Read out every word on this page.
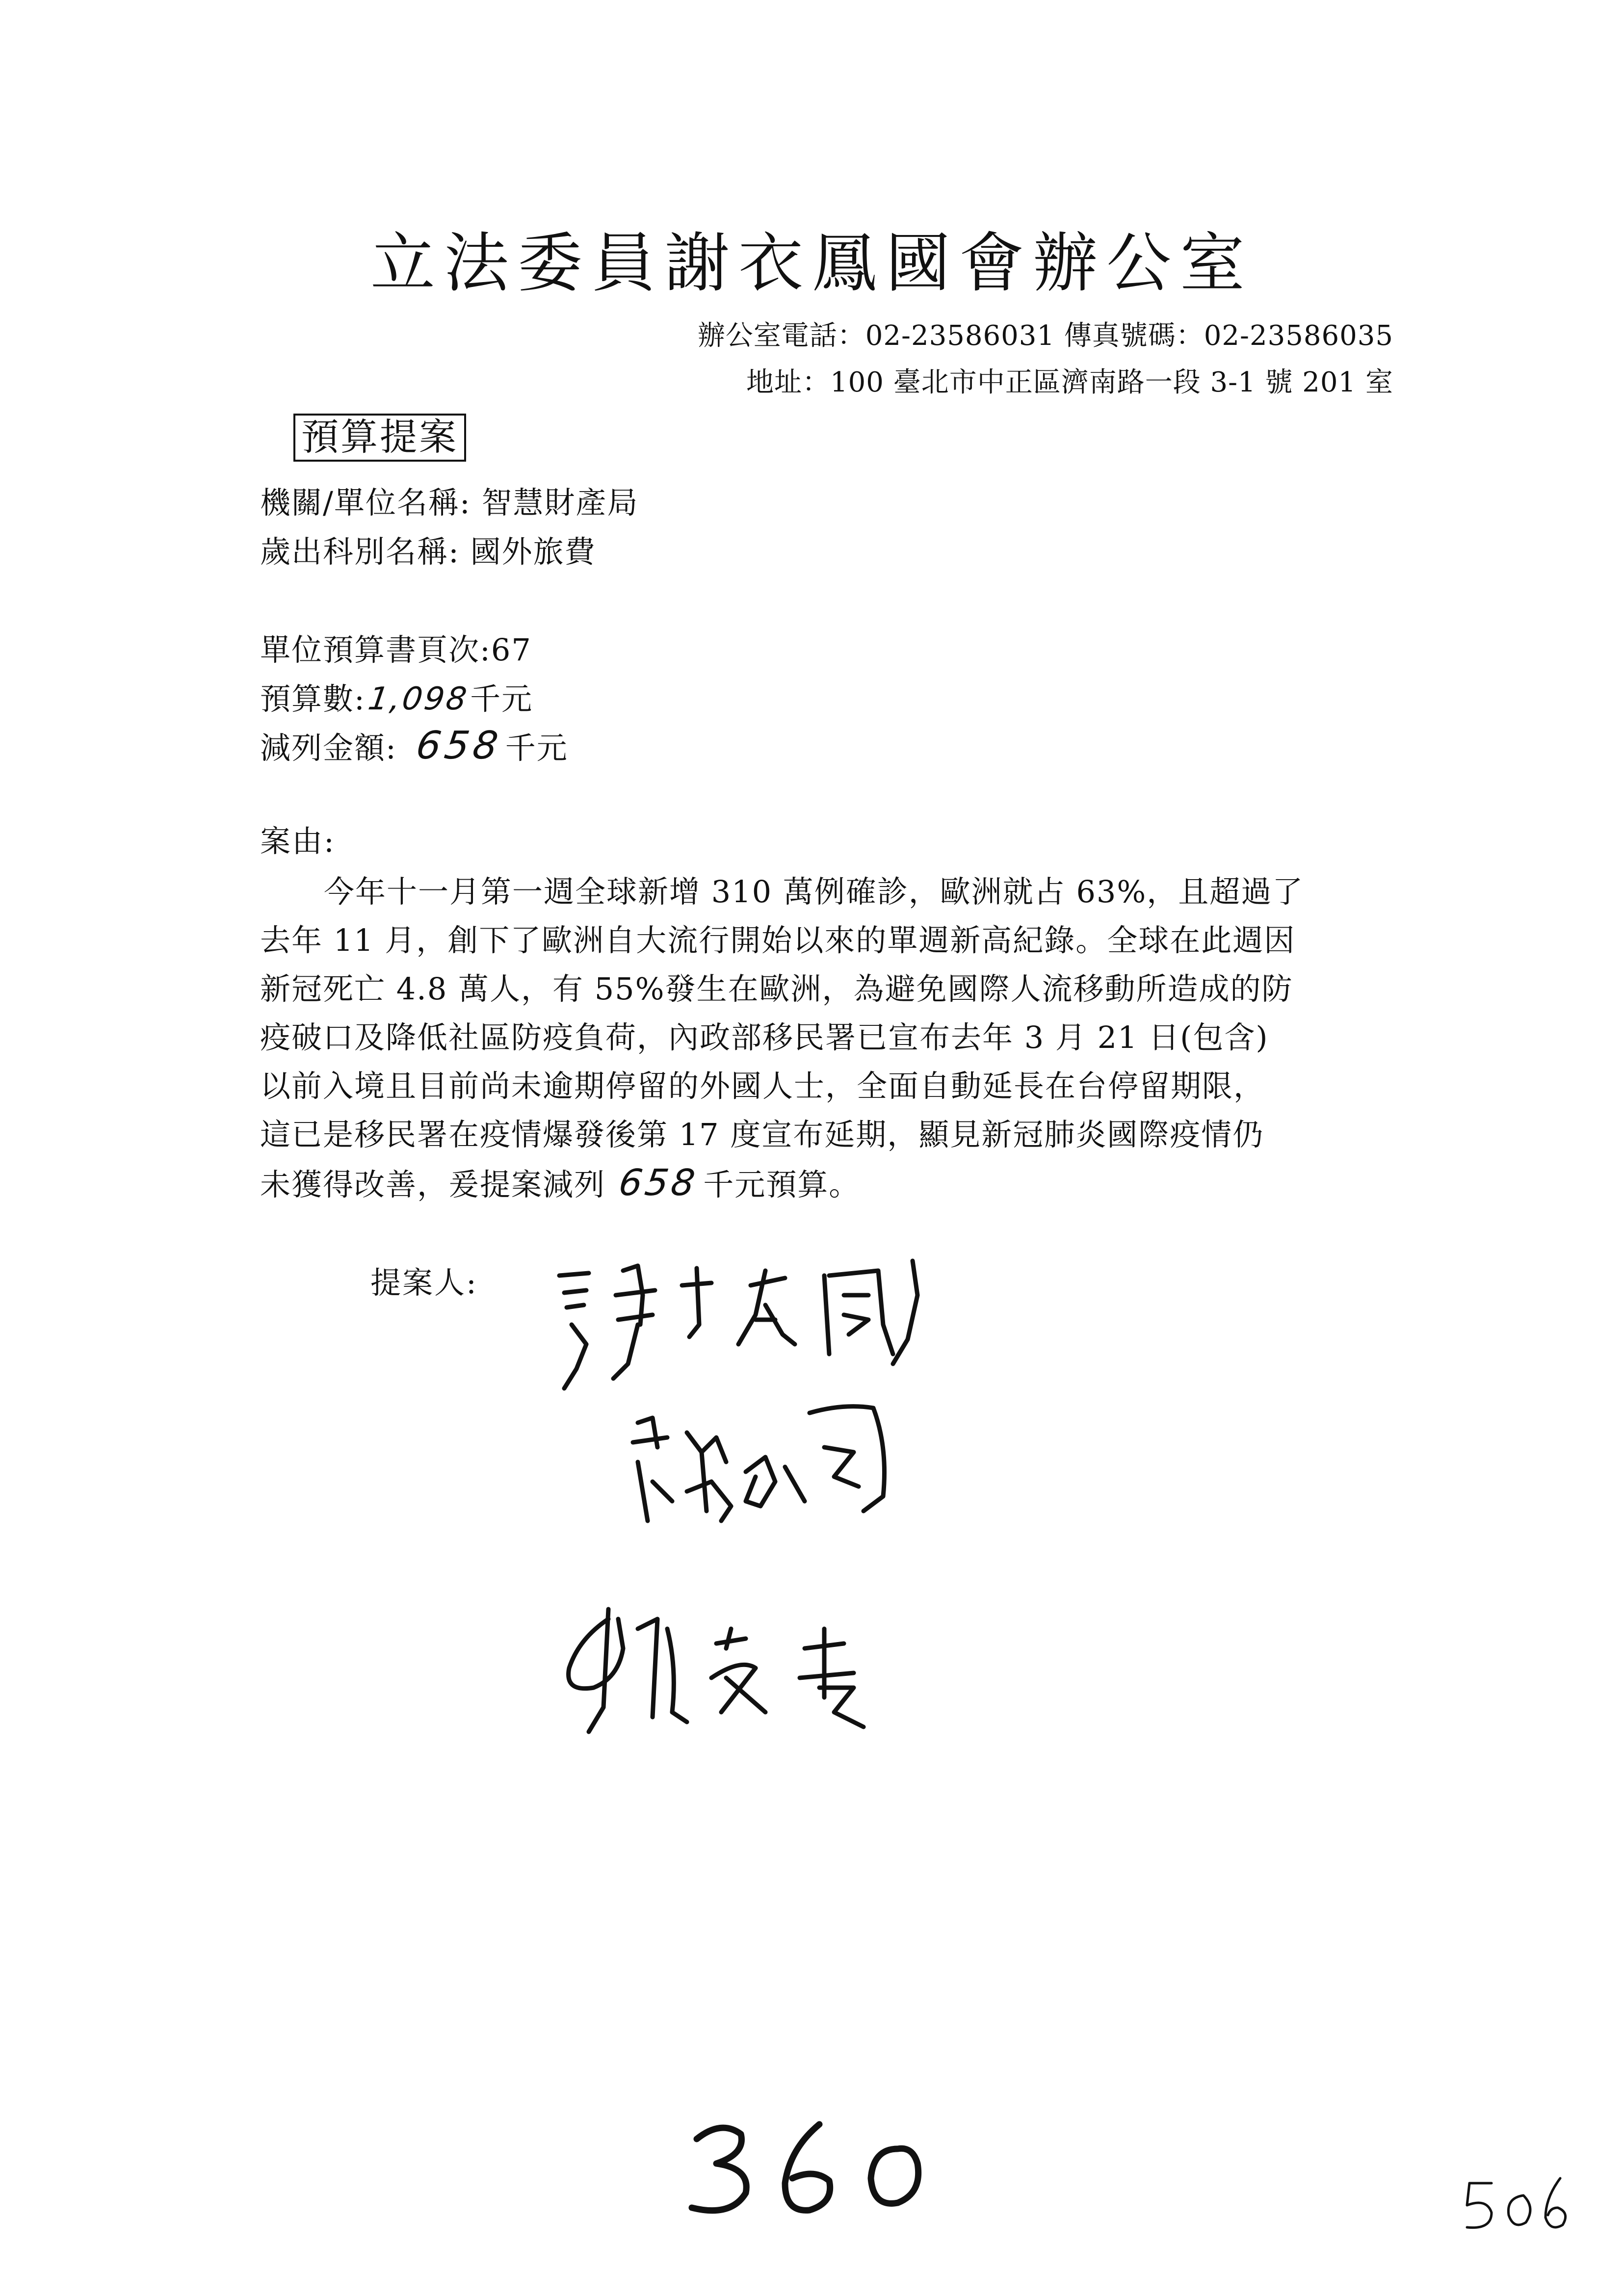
立法委員謝衣鳳國會辦公室
辦公室電話：02-23586031 傳真號碼：02-23586035
地址：100 臺北市中正區濟南路一段 3-1 號 201 室
預算提案
機關/單位名稱: 智慧財產局
歲出科別名稱: 國外旅費
單位預算書頁次:67
預算數:1,098千元
減列金額: 658千元
案由:
今年十一月第一週全球新增 310 萬例確診，歐洲就占 63%，且超過了
去年 11 月，創下了歐洲自大流行開始以來的單週新高紀錄。全球在此週因
新冠死亡 4.8 萬人，有 55%發生在歐洲，為避免國際人流移動所造成的防
疫破口及降低社區防疫負荷，內政部移民署已宣布去年 3 月 21 日(包含)
以前入境且目前尚未逾期停留的外國人士，全面自動延長在台停留期限，
這已是移民署在疫情爆發後第 17 度宣布延期，顯見新冠肺炎國際疫情仍
未獲得改善，爰提案減列 658千元預算。
提案人:
